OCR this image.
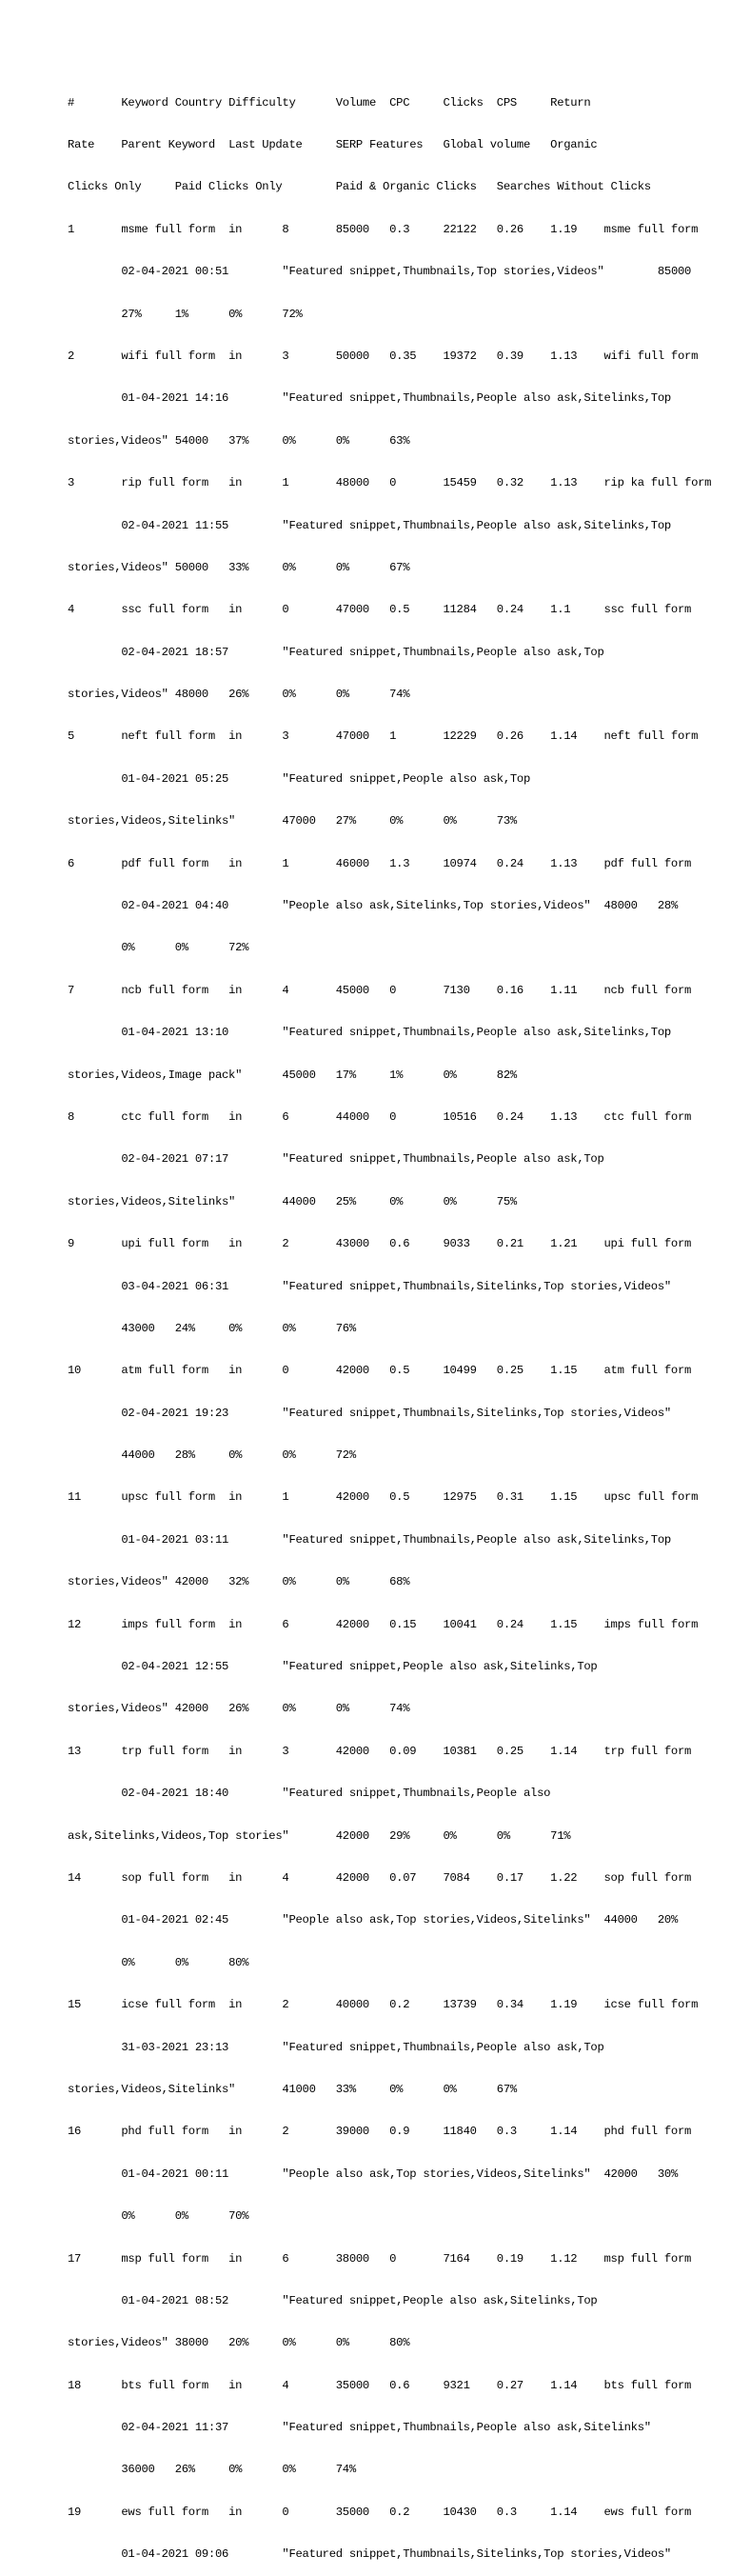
#	Keyword	Country	Difficulty	Volume	CPC	Clicks	CPS	Return

Rate	Parent Keyword	Last Update	SERP Features	Global volume	Organic

Clicks Only	Paid Clicks Only	Paid & Organic Clicks	Searches Without Clicks

1	msme full form	in	8	85000	0.3	22122	0.26	1.19	msme full form

	02-04-2021 00:51	"Featured snippet,Thumbnails,Top stories,Videos"	85000

	27%	1%	0%	72%

2	wifi full form	in	3	50000	0.35	19372	0.39	1.13	wifi full form

	01-04-2021 14:16	"Featured snippet,Thumbnails,People also ask,Sitelinks,Top

stories,Videos"	54000	37%	0%	0%	63%

3	rip full form	in	1	48000	0	15459	0.32	1.13	rip ka full form

	02-04-2021 11:55	"Featured snippet,Thumbnails,People also ask,Sitelinks,Top

stories,Videos"	50000	33%	0%	0%	67%

4	ssc full form	in	0	47000	0.5	11284	0.24	1.1	ssc full form

	02-04-2021 18:57	"Featured snippet,Thumbnails,People also ask,Top

stories,Videos"	48000	26%	0%	0%	74%

5	neft full form	in	3	47000	1	12229	0.26	1.14	neft full form

	01-04-2021 05:25	"Featured snippet,People also ask,Top

stories,Videos,Sitelinks"	47000	27%	0%	0%	73%

6	pdf full form	in	1	46000	1.3	10974	0.24	1.13	pdf full form

	02-04-2021 04:40	"People also ask,Sitelinks,Top stories,Videos"	48000	28%

	0%	0%	72%

7	ncb full form	in	4	45000	0	7130	0.16	1.11	ncb full form

	01-04-2021 13:10	"Featured snippet,Thumbnails,People also ask,Sitelinks,Top

stories,Videos,Image pack"	45000	17%	1%	0%	82%

8	ctc full form	in	6	44000	0	10516	0.24	1.13	ctc full form

	02-04-2021 07:17	"Featured snippet,Thumbnails,People also ask,Top

stories,Videos,Sitelinks"	44000	25%	0%	0%	75%

9	upi full form	in	2	43000	0.6	9033	0.21	1.21	upi full form

	03-04-2021 06:31	"Featured snippet,Thumbnails,Sitelinks,Top stories,Videos"

	43000	24%	0%	0%	76%

10	atm full form	in	0	42000	0.5	10499	0.25	1.15	atm full form

	02-04-2021 19:23	"Featured snippet,Thumbnails,Sitelinks,Top stories,Videos"

	44000	28%	0%	0%	72%

11	upsc full form	in	1	42000	0.5	12975	0.31	1.15	upsc full form

	01-04-2021 03:11	"Featured snippet,Thumbnails,People also ask,Sitelinks,Top

stories,Videos"	42000	32%	0%	0%	68%

12	imps full form	in	6	42000	0.15	10041	0.24	1.15	imps full form

	02-04-2021 12:55	"Featured snippet,People also ask,Sitelinks,Top

stories,Videos"	42000	26%	0%	0%	74%

13	trp full form	in	3	42000	0.09	10381	0.25	1.14	trp full form

	02-04-2021 18:40	"Featured snippet,Thumbnails,People also

ask,Sitelinks,Videos,Top stories"	42000	29%	0%	0%	71%

14	sop full form	in	4	42000	0.07	7084	0.17	1.22	sop full form

	01-04-2021 02:45	"People also ask,Top stories,Videos,Sitelinks"	44000	20%

	0%	0%	80%

15	icse full form	in	2	40000	0.2	13739	0.34	1.19	icse full form

	31-03-2021 23:13	"Featured snippet,Thumbnails,People also ask,Top

stories,Videos,Sitelinks"	41000	33%	0%	0%	67%

16	phd full form	in	2	39000	0.9	11840	0.3	1.14	phd full form

	01-04-2021 00:11	"People also ask,Top stories,Videos,Sitelinks"	42000	30%

	0%	0%	70%

17	msp full form	in	6	38000	0	7164	0.19	1.12	msp full form

	01-04-2021 08:52	"Featured snippet,People also ask,Sitelinks,Top

stories,Videos"	38000	20%	0%	0%	80%

18	bts full form	in	4	35000	0.6	9321	0.27	1.14	bts full form

	02-04-2021 11:37	"Featured snippet,Thumbnails,People also ask,Sitelinks"

	36000	26%	0%	0%	74%

19	ews full form	in	0	35000	0.2	10430	0.3	1.14	ews full form

	01-04-2021 09:06	"Featured snippet,Thumbnails,Sitelinks,Top stories,Videos"
